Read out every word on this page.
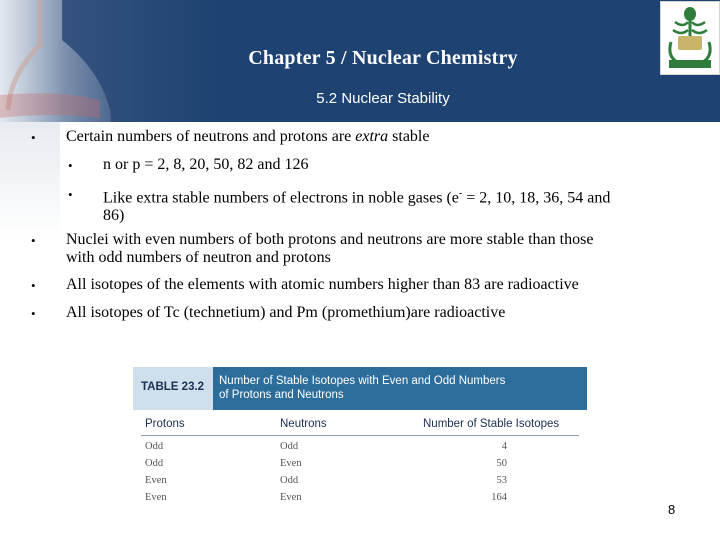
Chapter 5 / Nuclear Chemistry
5.2 Nuclear Stability
• Certain numbers of neutrons and protons are extra stable
• n or p = 2, 8, 20, 50, 82 and 126
• Like extra stable numbers of electrons in noble gases (e- = 2, 10, 18, 36, 54 and
86)
• Nuclei with even numbers of both protons and neutrons are more stable than those
with odd numbers of neutron and protons
• All isotopes of the elements with atomic numbers higher than 83 are radioactive
• All isotopes of Tc (technetium) and Pm (promethium)are radioactive
TABLE 23.2 Number of Stable Isotopes with Even and Odd Numbers
of Protons and Neutrons
Protons	Neutrons	Number of Stable Isotopes
Odd	Odd	4
Odd	Even	50
Even	Odd	53
Even	Even	164
8
